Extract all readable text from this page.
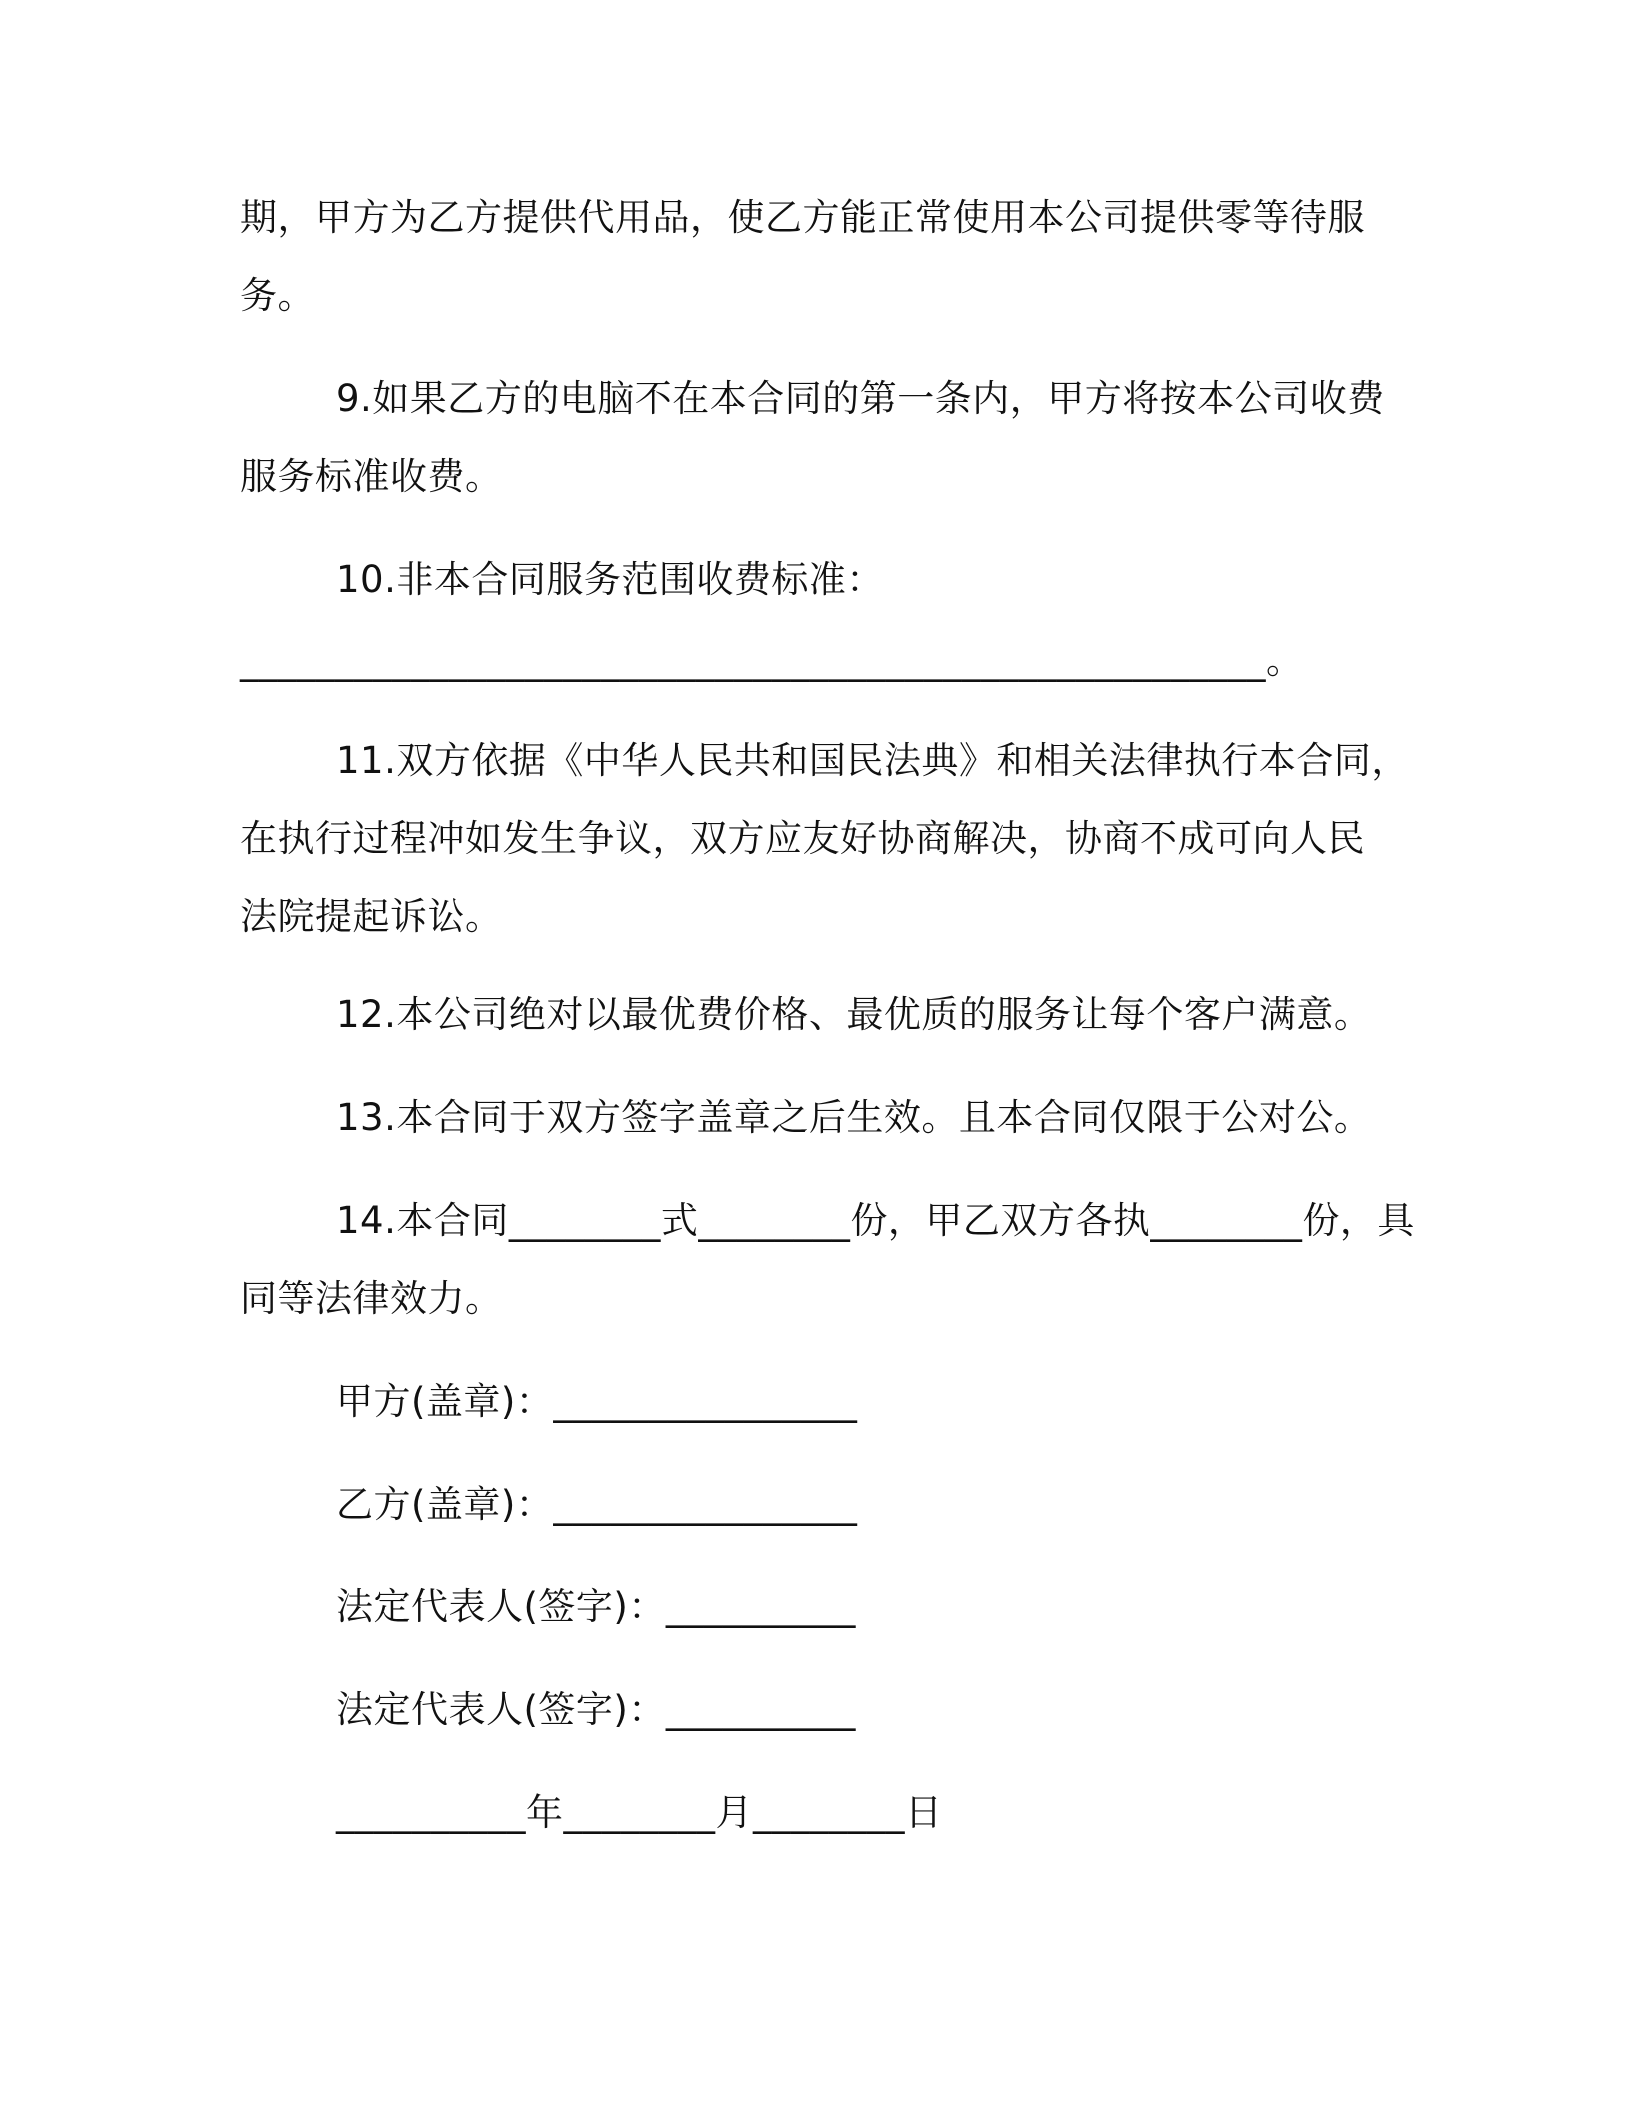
期，甲方为乙方提供代用品，使乙方能正常使用本公司提供零等待服
务。
9.如果乙方的电脑不在本合同的第一条内，甲方将按本公司收费
服务标准收费。
10.非本合同服务范围收费标准：
______________________________________________________。
11.双方依据《中华人民共和国民法典》和相关法律执行本合同，
在执行过程冲如发生争议，双方应友好协商解决，协商不成可向人民
法院提起诉讼。
12.本公司绝对以最优费价格、最优质的服务让每个客户满意。
13.本合同于双方签字盖章之后生效。且本合同仅限于公对公。
14.本合同________式________份，甲乙双方各执________份，具
同等法律效力。
甲方(盖章)：________________
乙方(盖章)：________________
法定代表人(签字)：__________
法定代表人(签字)：__________
__________年________月________日
